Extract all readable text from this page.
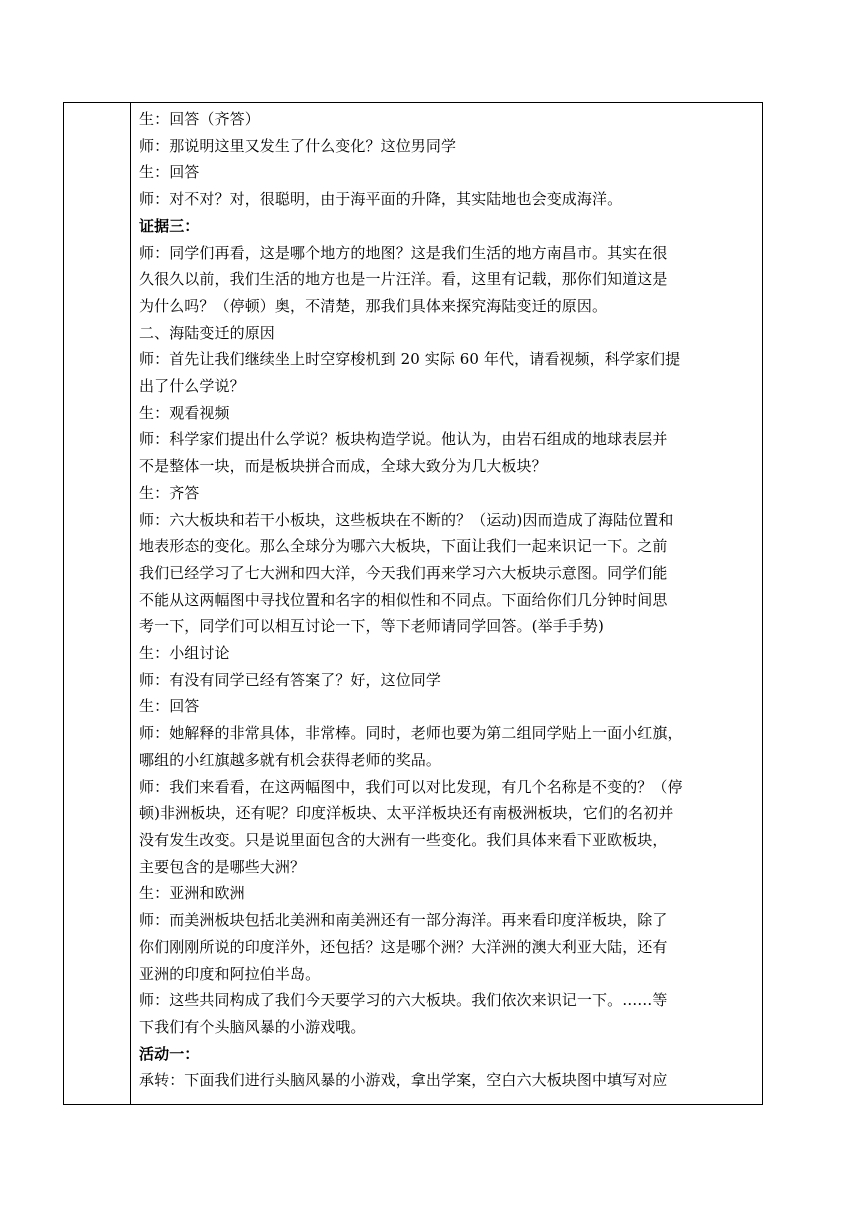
生：回答（齐答）
师：那说明这里又发生了什么变化？这位男同学
生：回答
师：对不对？对，很聪明，由于海平面的升降，其实陆地也会变成海洋。
证据三：
师：同学们再看，这是哪个地方的地图？这是我们生活的地方南昌市。其实在很
久很久以前，我们生活的地方也是一片汪洋。看，这里有记载，那你们知道这是
为什么吗？（停顿）奥，不清楚，那我们具体来探究海陆变迁的原因。
二、海陆变迁的原因
师：首先让我们继续坐上时空穿梭机到 20 实际 60 年代，请看视频，科学家们提
出了什么学说？
生：观看视频
师：科学家们提出什么学说？板块构造学说。他认为，由岩石组成的地球表层并
不是整体一块，而是板块拼合而成，全球大致分为几大板块？
生：齐答
师：六大板块和若干小板块，这些板块在不断的？（运动)因而造成了海陆位置和
地表形态的变化。那么全球分为哪六大板块，下面让我们一起来识记一下。之前
我们已经学习了七大洲和四大洋，今天我们再来学习六大板块示意图。同学们能
不能从这两幅图中寻找位置和名字的相似性和不同点。下面给你们几分钟时间思
考一下，同学们可以相互讨论一下，等下老师请同学回答。(举手手势)
生：小组讨论
师：有没有同学已经有答案了？好，这位同学
生：回答
师：她解释的非常具体，非常棒。同时，老师也要为第二组同学贴上一面小红旗，
哪组的小红旗越多就有机会获得老师的奖品。
师：我们来看看，在这两幅图中，我们可以对比发现，有几个名称是不变的？（停
顿)非洲板块，还有呢？印度洋板块、太平洋板块还有南极洲板块，它们的名初并
没有发生改变。只是说里面包含的大洲有一些变化。我们具体来看下亚欧板块，
主要包含的是哪些大洲？
生：亚洲和欧洲
师：而美洲板块包括北美洲和南美洲还有一部分海洋。再来看印度洋板块，除了
你们刚刚所说的印度洋外，还包括？这是哪个洲？大洋洲的澳大利亚大陆，还有
亚洲的印度和阿拉伯半岛。
师：这些共同构成了我们今天要学习的六大板块。我们依次来识记一下。……等
下我们有个头脑风暴的小游戏哦。
活动一：
承转：下面我们进行头脑风暴的小游戏，拿出学案，空白六大板块图中填写对应
